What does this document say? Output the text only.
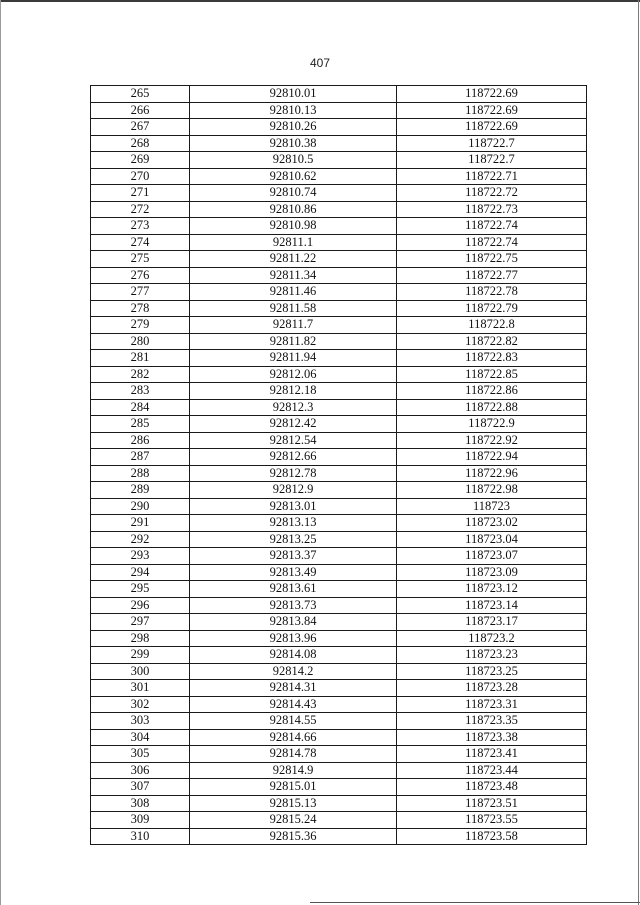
407
265	92810.01	118722.69
266	92810.13	118722.69
267	92810.26	118722.69
268	92810.38	118722.7
269	92810.5	118722.7
270	92810.62	118722.71
271	92810.74	118722.72
272	92810.86	118722.73
273	92810.98	118722.74
274	92811.1	118722.74
275	92811.22	118722.75
276	92811.34	118722.77
277	92811.46	118722.78
278	92811.58	118722.79
279	92811.7	118722.8
280	92811.82	118722.82
281	92811.94	118722.83
282	92812.06	118722.85
283	92812.18	118722.86
284	92812.3	118722.88
285	92812.42	118722.9
286	92812.54	118722.92
287	92812.66	118722.94
288	92812.78	118722.96
289	92812.9	118722.98
290	92813.01	118723
291	92813.13	118723.02
292	92813.25	118723.04
293	92813.37	118723.07
294	92813.49	118723.09
295	92813.61	118723.12
296	92813.73	118723.14
297	92813.84	118723.17
298	92813.96	118723.2
299	92814.08	118723.23
300	92814.2	118723.25
301	92814.31	118723.28
302	92814.43	118723.31
303	92814.55	118723.35
304	92814.66	118723.38
305	92814.78	118723.41
306	92814.9	118723.44
307	92815.01	118723.48
308	92815.13	118723.51
309	92815.24	118723.55
310	92815.36	118723.58
